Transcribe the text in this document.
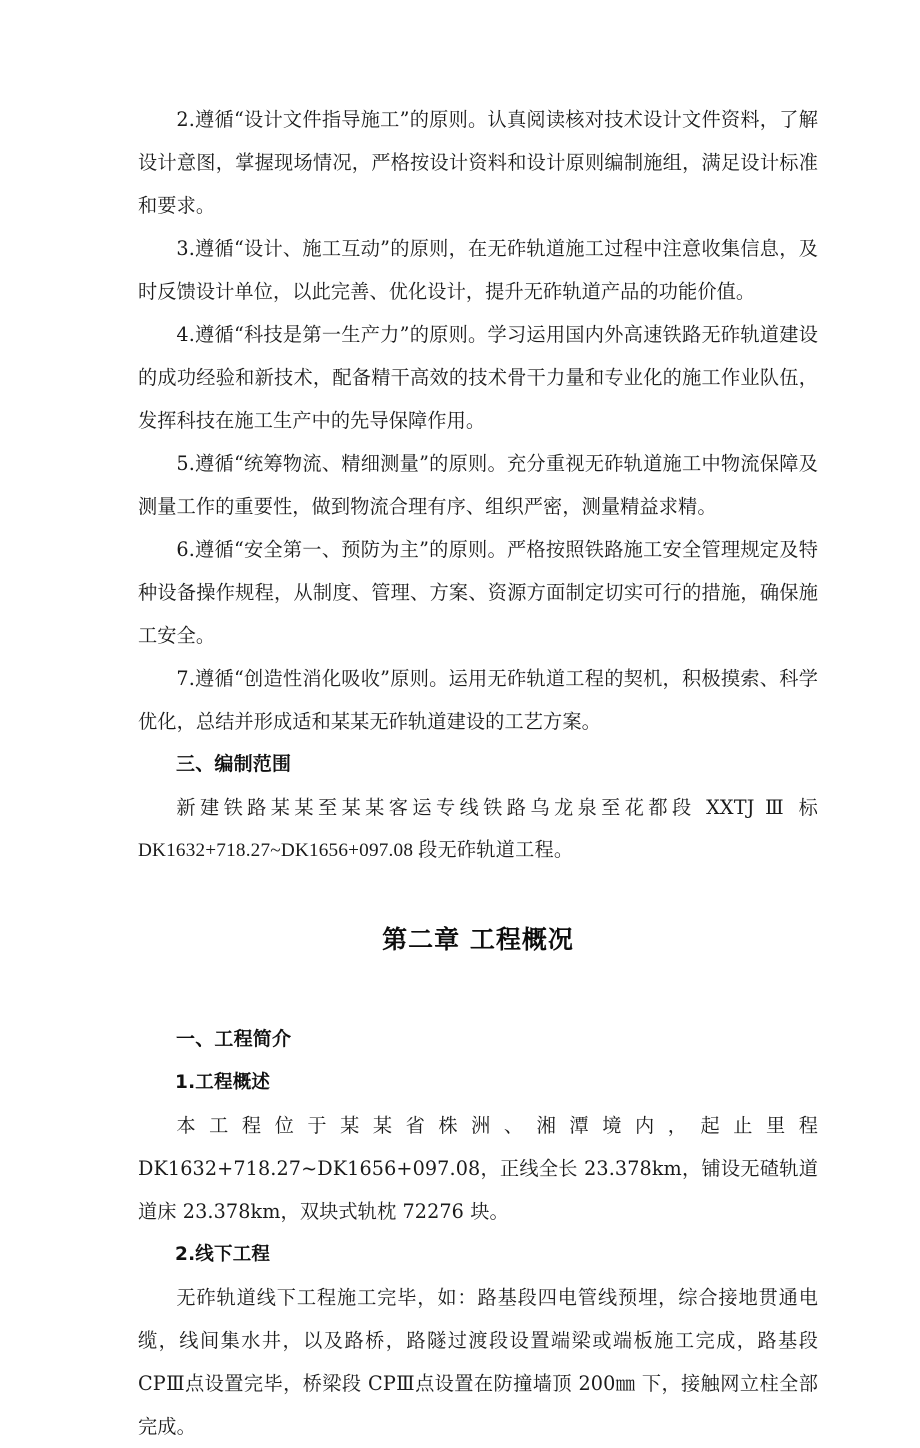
2.遵循“设计文件指导施工”的原则。认真阅读核对技术设计文件资料，了解设计意图，掌握现场情况，严格按设计资料和设计原则编制施组，满足设计标准和要求。

3.遵循“设计、施工互动”的原则，在无砟轨道施工过程中注意收集信息，及时反馈设计单位，以此完善、优化设计，提升无砟轨道产品的功能价值。

4.遵循“科技是第一生产力”的原则。学习运用国内外高速铁路无砟轨道建设的成功经验和新技术，配备精干高效的技术骨干力量和专业化的施工作业队伍，发挥科技在施工生产中的先导保障作用。

5.遵循“统筹物流、精细测量”的原则。充分重视无砟轨道施工中物流保障及测量工作的重要性，做到物流合理有序、组织严密，测量精益求精。

6.遵循“安全第一、预防为主”的原则。严格按照铁路施工安全管理规定及特种设备操作规程，从制度、管理、方案、资源方面制定切实可行的措施，确保施工安全。

7.遵循“创造性消化吸收”原则。运用无砟轨道工程的契机，积极摸索、科学优化，总结并形成适和某某无砟轨道建设的工艺方案。

三、编制范围

新建铁路某某至某某客运专线铁路乌龙泉至花都段 XXTJ Ⅲ 标
DK1632+718.27~DK1656+097.08 段无砟轨道工程。

第二章 工程概况
一、工程简介
1.工程概述

本工程位于某某省株洲、湘潭境内，起止里程 DK1632+718.27~DK1656+097.08，正线全长 23.378km，铺设无碴轨道道床 23.378km，双块式轨枕 72276 块。

2.线下工程

无砟轨道线下工程施工完毕，如：路基段四电管线预埋，综合接地贯通电缆，线间集水井，以及路桥，路隧过渡段设置端梁或端板施工完成，路基段 CPⅢ点设置完毕，桥梁段 CPⅢ点设置在防撞墙顶 200㎜ 下，接触网立柱全部完成。
